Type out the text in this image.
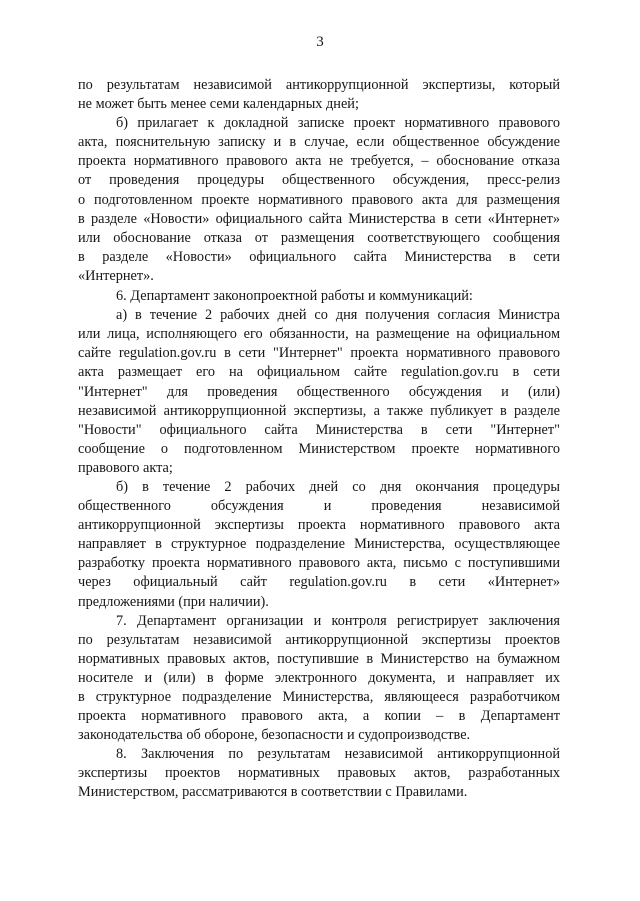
3
по результатам независимой антикоррупционной экспертизы, который
не может быть менее семи календарных дней;
б) прилагает к докладной записке проект нормативного правового
акта, пояснительную записку и в случае, если общественное обсуждение
проекта нормативного правового акта не требуется, – обоснование отказа
от проведения процедуры общественного обсуждения, пресс-релиз
о подготовленном проекте нормативного правового акта для размещения
в разделе «Новости» официального сайта Министерства в сети «Интернет»
или обоснование отказа от размещения соответствующего сообщения
в разделе «Новости» официального сайта Министерства в сети
«Интернет».
6. Департамент законопроектной работы и коммуникаций:
а) в течение 2 рабочих дней со дня получения согласия Министра
или лица, исполняющего его обязанности, на размещение на официальном
сайте regulation.gov.ru в сети "Интернет" проекта нормативного правового
акта размещает его на официальном сайте regulation.gov.ru в сети
"Интернет" для проведения общественного обсуждения и (или)
независимой антикоррупционной экспертизы, а также публикует в разделе
"Новости" официального сайта Министерства в сети "Интернет"
сообщение о подготовленном Министерством проекте нормативного
правового акта;
б) в течение 2 рабочих дней со дня окончания процедуры
общественного обсуждения и проведения независимой
антикоррупционной экспертизы проекта нормативного правового акта
направляет в структурное подразделение Министерства, осуществляющее
разработку проекта нормативного правового акта, письмо с поступившими
через официальный сайт regulation.gov.ru в сети «Интернет»
предложениями (при наличии).
7. Департамент организации и контроля регистрирует заключения
по результатам независимой антикоррупционной экспертизы проектов
нормативных правовых актов, поступившие в Министерство на бумажном
носителе и (или) в форме электронного документа, и направляет их
в структурное подразделение Министерства, являющееся разработчиком
проекта нормативного правового акта, а копии – в Департамент
законодательства об обороне, безопасности и судопроизводстве.
8. Заключения по результатам независимой антикоррупционной
экспертизы проектов нормативных правовых актов, разработанных
Министерством, рассматриваются в соответствии с Правилами.
